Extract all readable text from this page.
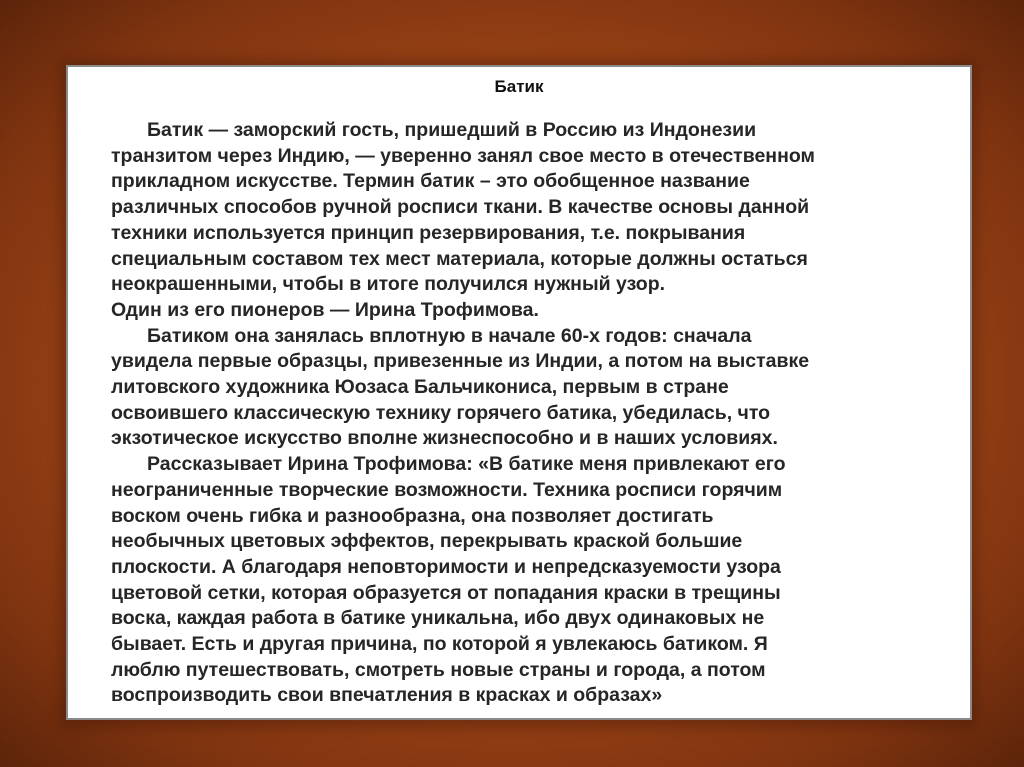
Батик
Батик — заморский гость, пришедший в Россию из Индонезии
транзитом через Индию, — уверенно занял свое место в отечественном
прикладном искусстве. Термин батик – это обобщенное название
различных способов ручной росписи ткани. В качестве основы данной
техники используется принцип резервирования, т.е. покрывания
специальным составом тех мест материала, которые должны остаться
неокрашенными, чтобы в итоге получился нужный узор.
Один из его пионеров — Ирина Трофимова.
Батиком она занялась вплотную в начале 60-х годов: сначала
увидела первые образцы, привезенные из Индии, а потом на выставке
литовского художника Юозаса Бальчиконисa, первым в стране
освоившего классическую технику горячего батика, убедилась, что
экзотическое искусство вполне жизнеспособно и в наших условиях.
Рассказывает Ирина Трофимова: «В батике меня привлекают его
неограниченные творческие возможности. Техника росписи горячим
воском очень гибка и разнообразна, она позволяет достигать
необычных цветовых эффектов, перекрывать краской большие
плоскости. А благодаря неповторимости и непредсказуемости узора
цветовой сетки, которая образуется от попадания краски в трещины
воска, каждая работа в батике уникальна, ибо двух одинаковых не
бывает. Есть и другая причина, по которой я увлекаюсь батиком. Я
люблю путешествовать, смотреть новые страны и города, а потом
воспроизводить свои впечатления в красках и образах»
